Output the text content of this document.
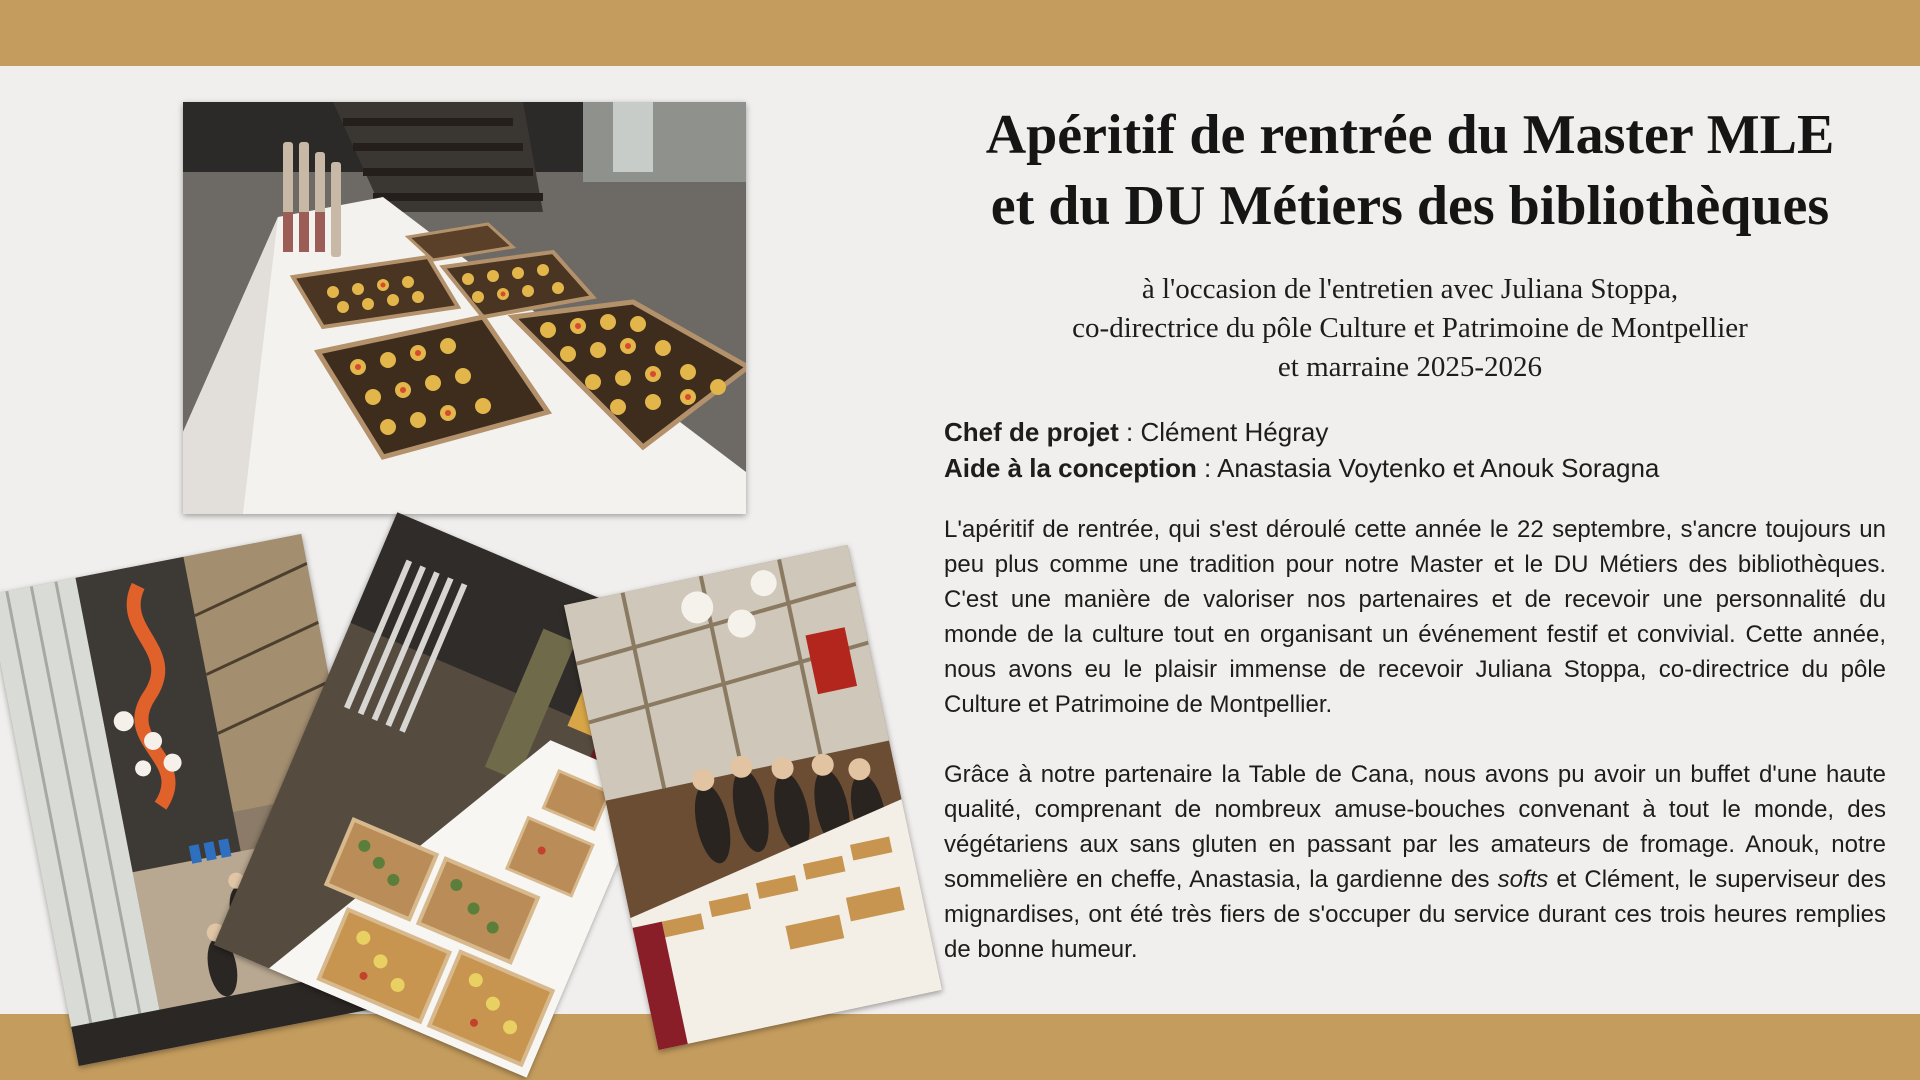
Apéritif de rentrée du Master MLE
et du DU Métiers des bibliothèques
à l'occasion de l'entretien avec Juliana Stoppa,
co-directrice du pôle Culture et Patrimoine de Montpellier
et marraine 2025-2026
Chef de projet : Clément Hégray
Aide à la conception : Anastasia Voytenko et Anouk Soragna

L'apéritif de rentrée, qui s'est déroulé cette année le 22 septembre, s'ancre toujours un peu plus comme une tradition pour notre Master et le DU Métiers des bibliothèques. C'est une manière de valoriser nos partenaires et de recevoir une personnalité du monde de la culture tout en organisant un événement festif et convivial. Cette année, nous avons eu le plaisir immense de recevoir Juliana Stoppa, co-directrice du pôle Culture et Patrimoine de Montpellier.

Grâce à notre partenaire la Table de Cana, nous avons pu avoir un buffet d'une haute qualité, comprenant de nombreux amuse-bouches convenant à tout le monde, des végétariens aux sans gluten en passant par les amateurs de fromage. Anouk, notre sommelière en cheffe, Anastasia, la gardienne des softs et Clément, le superviseur des mignardises, ont été très fiers de s'occuper du service durant ces trois heures remplies de bonne humeur.
